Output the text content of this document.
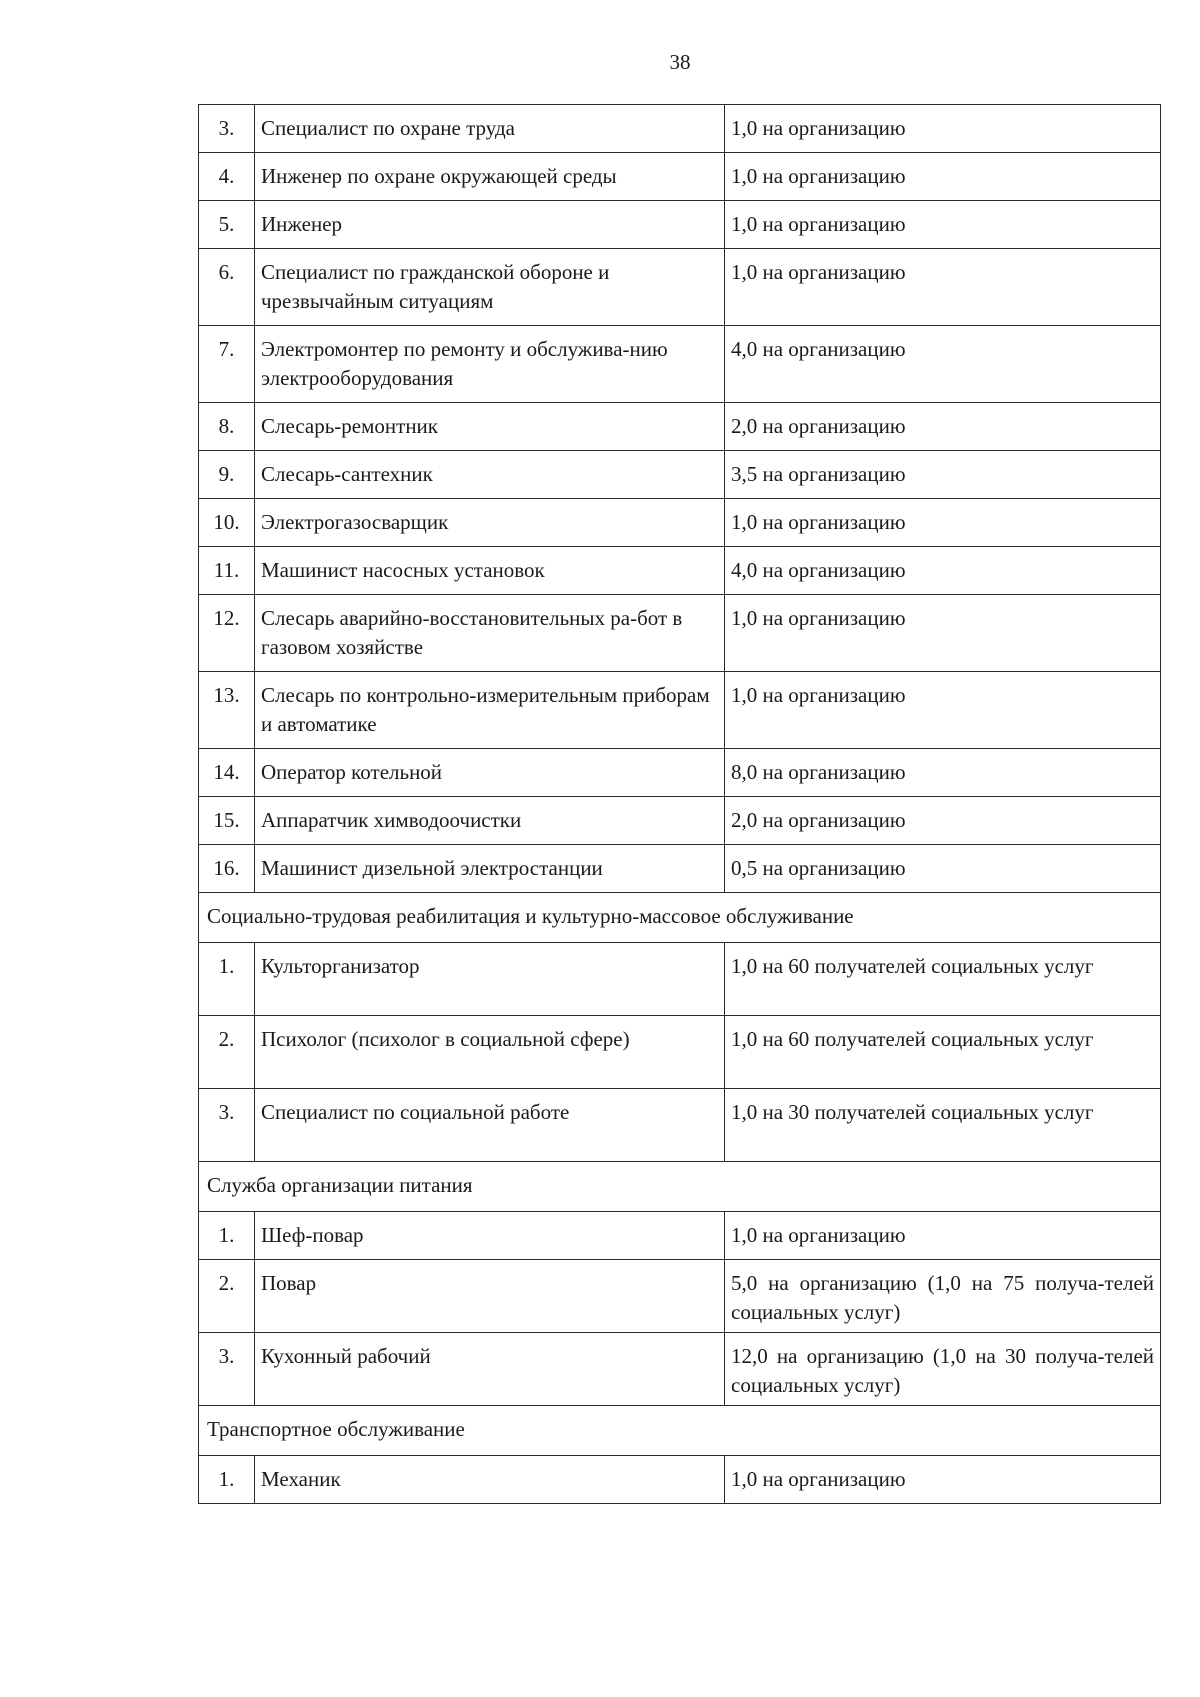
38
3.	Специалист по охране труда	1,0 на организацию
4.	Инженер по охране окружающей среды	1,0 на организацию
5.	Инженер	1,0 на организацию
6.	Специалист по гражданской обороне и чрезвычайным ситуациям	1,0 на организацию
7.	Электромонтер по ремонту и обслужива-нию электрооборудования	4,0 на организацию
8.	Слесарь-ремонтник	2,0 на организацию
9.	Слесарь-сантехник	3,5 на организацию
10.	Электрогазосварщик	1,0 на организацию
11.	Машинист насосных установок	4,0 на организацию
12.	Слесарь аварийно-восстановительных ра-бот в газовом хозяйстве	1,0 на организацию
13.	Слесарь по контрольно-измерительным приборам и автоматике	1,0 на организацию
14.	Оператор котельной	8,0 на организацию
15.	Аппаратчик химводоочистки	2,0 на организацию
16.	Машинист дизельной электростанции	0,5 на организацию
Социально-трудовая реабилитация и культурно-массовое обслуживание		
1.	Культорганизатор	1,0 на 60 получателей социальных услуг
2.	Психолог (психолог в социальной сфере)	1,0 на 60 получателей социальных услуг
3.	Специалист по социальной работе	1,0 на 30 получателей социальных услуг
Служба организации питания		
1.	Шеф-повар	1,0 на организацию
2.	Повар	5,0 на организацию (1,0 на 75 получа-телей социальных услуг)
3.	Кухонный рабочий	12,0 на организацию (1,0 на 30 получа-телей социальных услуг)
Транспортное обслуживание		
1.	Механик	1,0 на организацию
